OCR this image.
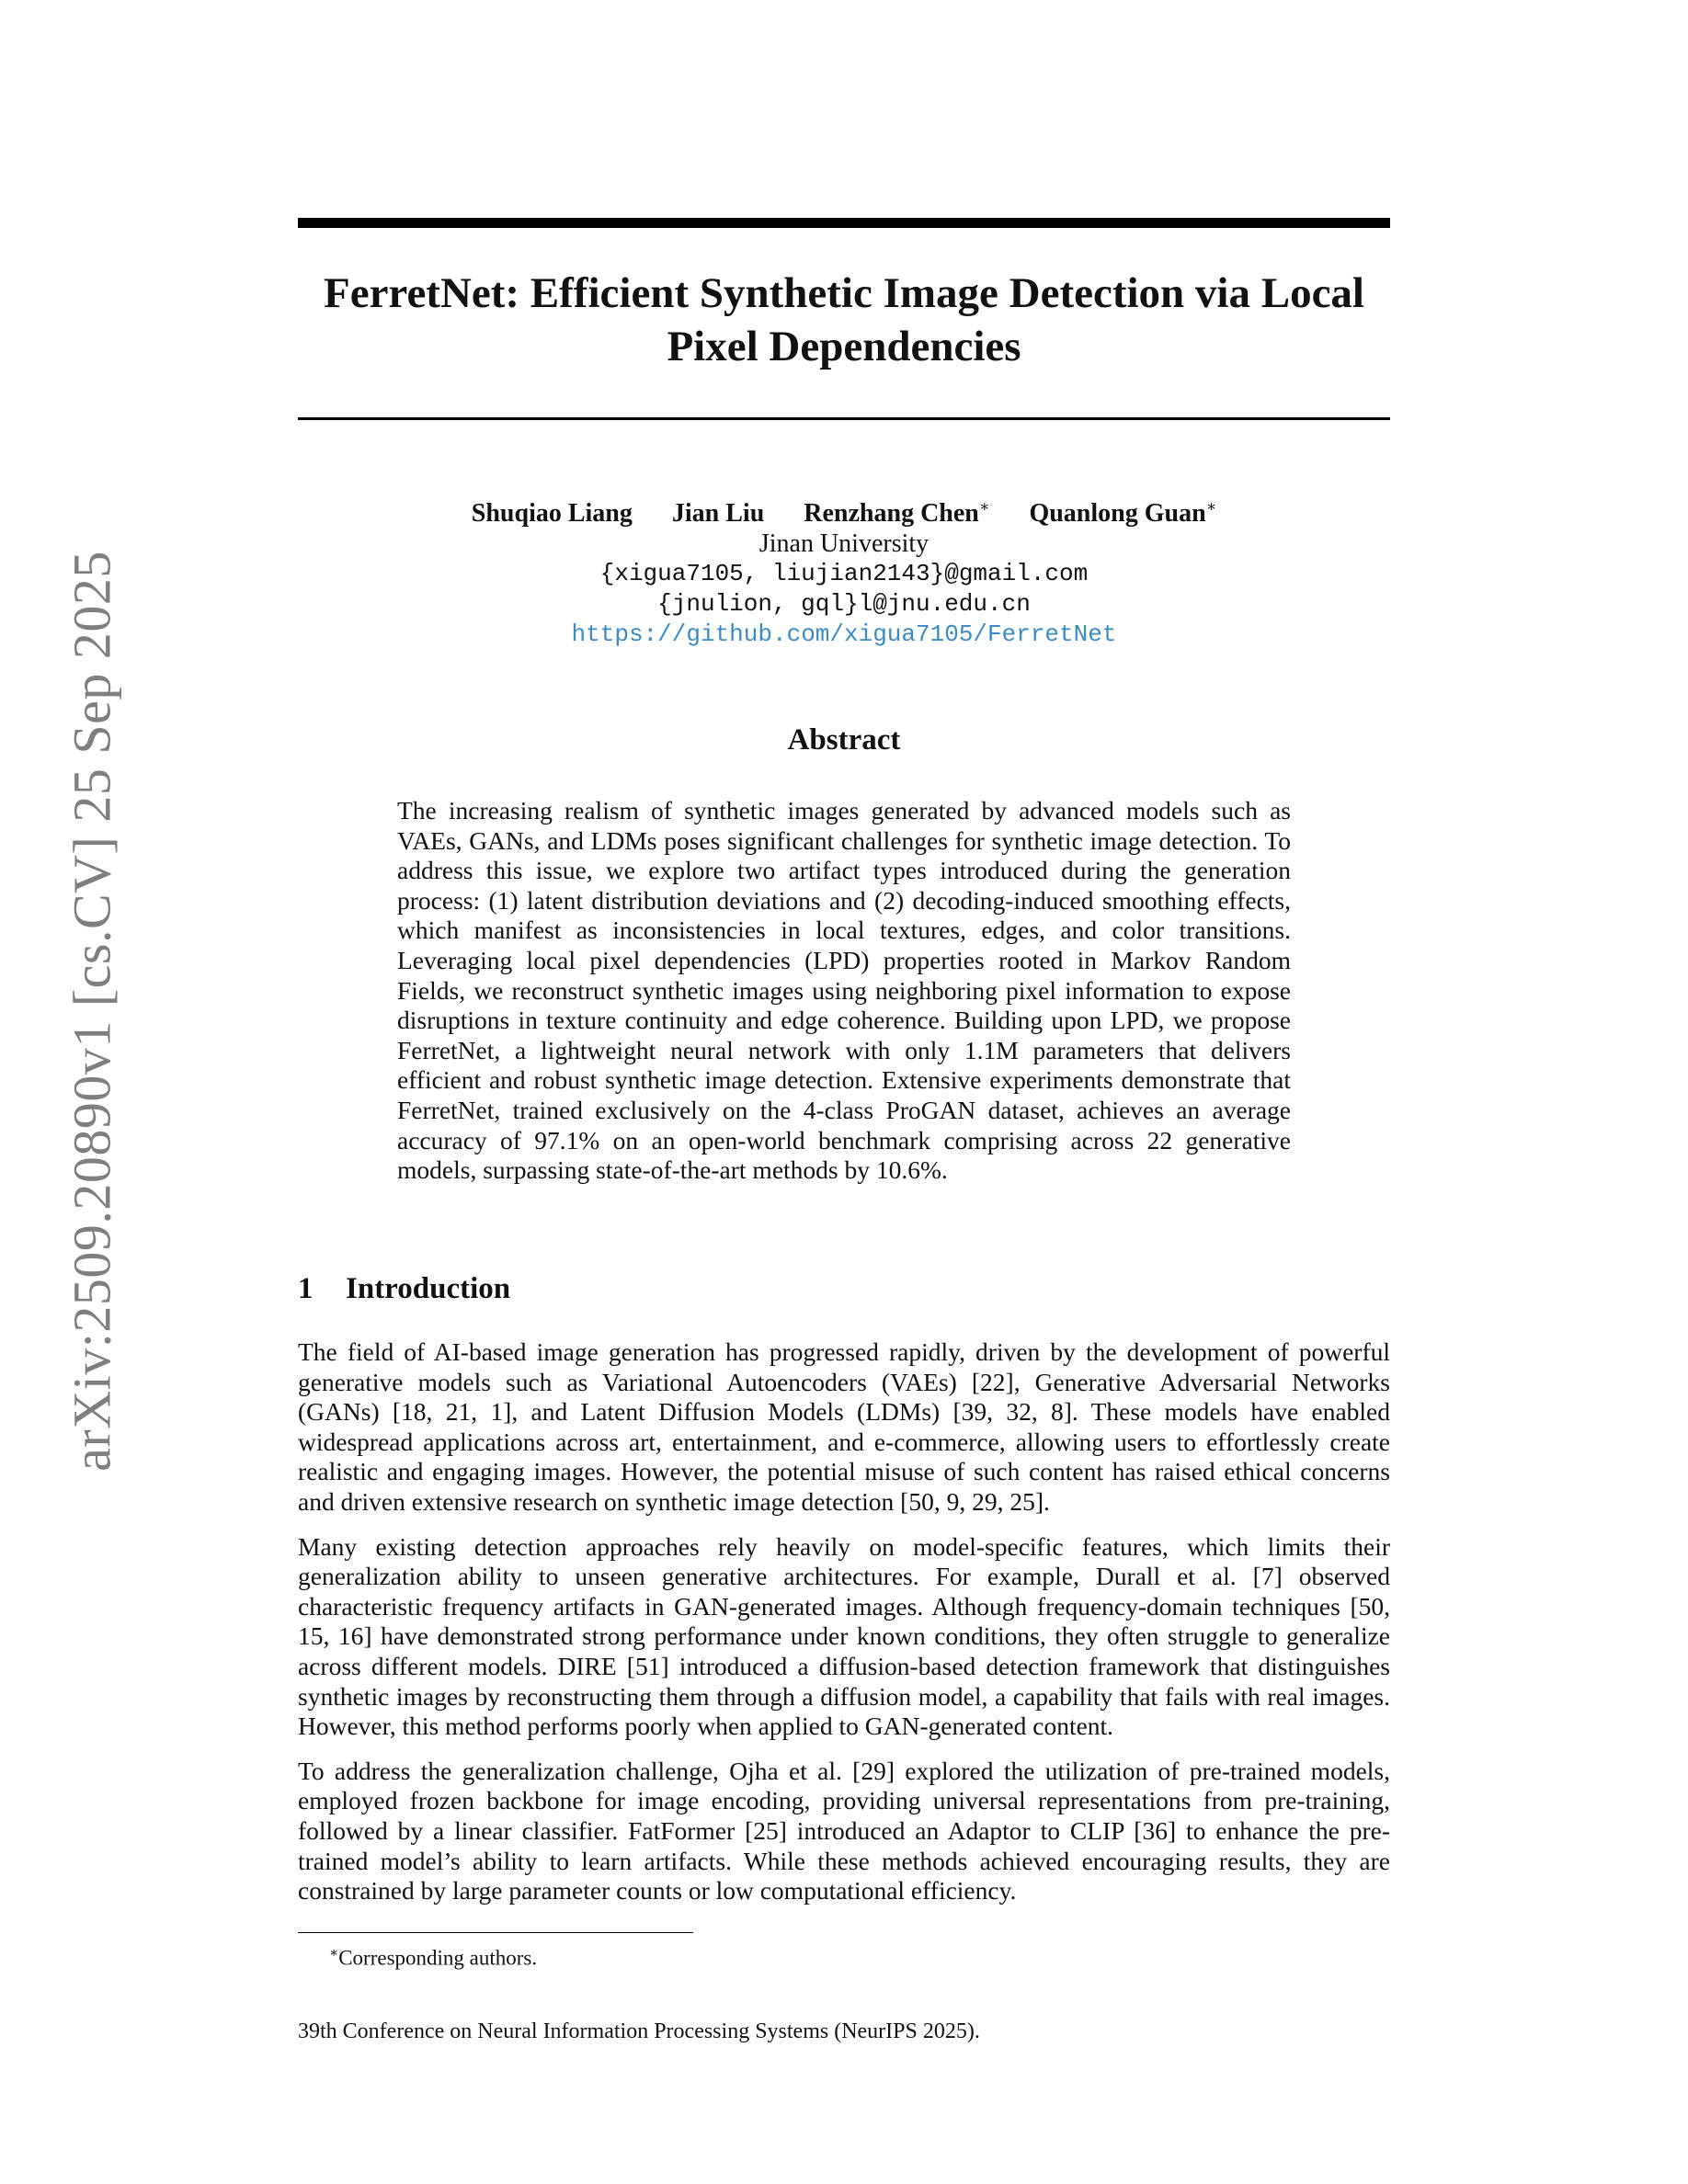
arXiv:2509.20890v1 [cs.CV] 25 Sep 2025
FerretNet: Efficient Synthetic Image Detection via Local Pixel Dependencies
Shuqiao Liang Jian Liu Renzhang Chen∗ Quanlong Guan∗
Jinan University
{xigua7105, liujian2143}@gmail.com
{jnulion, gql}l@jnu.edu.cn
https://github.com/xigua7105/FerretNet
Abstract

The increasing realism of synthetic images generated by advanced models such as VAEs, GANs, and LDMs poses significant challenges for synthetic image detection. To address this issue, we explore two artifact types introduced during the generation process: (1) latent distribution deviations and (2) decoding-induced smoothing effects, which manifest as inconsistencies in local textures, edges, and color transitions. Leveraging local pixel dependencies (LPD) properties rooted in Markov Random Fields, we reconstruct synthetic images using neighboring pixel information to expose disruptions in texture continuity and edge coherence. Building upon LPD, we propose FerretNet, a lightweight neural network with only 1.1M parameters that delivers efficient and robust synthetic image detection. Extensive experiments demonstrate that FerretNet, trained exclusively on the 4-class ProGAN dataset, achieves an average accuracy of 97.1% on an open-world benchmark comprising across 22 generative models, surpassing state-of-the-art methods by 10.6%.

1 Introduction

The field of AI-based image generation has progressed rapidly, driven by the development of powerful generative models such as Variational Autoencoders (VAEs) [22], Generative Adversarial Networks (GANs) [18, 21, 1], and Latent Diffusion Models (LDMs) [39, 32, 8]. These models have enabled widespread applications across art, entertainment, and e-commerce, allowing users to effortlessly create realistic and engaging images. However, the potential misuse of such content has raised ethical concerns and driven extensive research on synthetic image detection [50, 9, 29, 25].

Many existing detection approaches rely heavily on model-specific features, which limits their generalization ability to unseen generative architectures. For example, Durall et al. [7] observed characteristic frequency artifacts in GAN-generated images. Although frequency-domain techniques [50, 15, 16] have demonstrated strong performance under known conditions, they often struggle to generalize across different models. DIRE [51] introduced a diffusion-based detection framework that distinguishes synthetic images by reconstructing them through a diffusion model, a capability that fails with real images. However, this method performs poorly when applied to GAN-generated content.

To address the generalization challenge, Ojha et al. [29] explored the utilization of pre-trained models, employed frozen backbone for image encoding, providing universal representations from pre-training, followed by a linear classifier. FatFormer [25] introduced an Adaptor to CLIP [36] to enhance the pre-trained model’s ability to learn artifacts. While these methods achieved encouraging results, they are constrained by large parameter counts or low computational efficiency.

∗Corresponding authors.
39th Conference on Neural Information Processing Systems (NeurIPS 2025).
